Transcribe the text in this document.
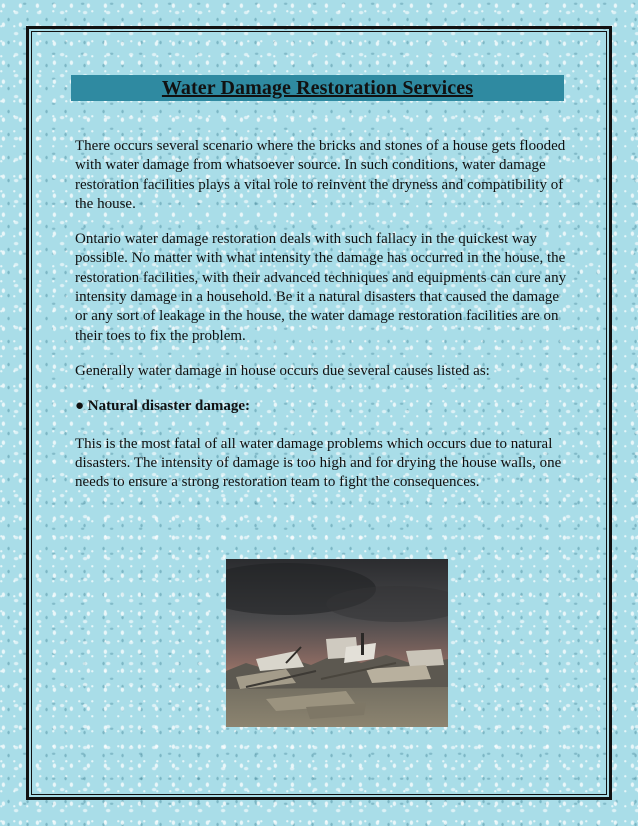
Water Damage Restoration Services

There occurs several scenario where the bricks and stones of a house gets flooded with water damage from whatsoever source. In such conditions, water damage restoration facilities plays a vital role to reinvent the dryness and compatibility of the house.

Ontario water damage restoration deals with such fallacy in the quickest way possible. No matter with what intensity the damage has occurred in the house, the restoration facilities, with their advanced techniques and equipments can cure any intensity damage in a household. Be it a natural disasters that caused the damage or any sort of leakage in the house, the water damage restoration facilities are on their toes to fix the problem.

Generally water damage in house occurs due several causes listed as:

● Natural disaster damage:

This is the most fatal of all water damage problems which occurs due to natural disasters. The intensity of damage is too high and for drying the house walls, one needs to ensure a strong restoration team to fight the consequences.
